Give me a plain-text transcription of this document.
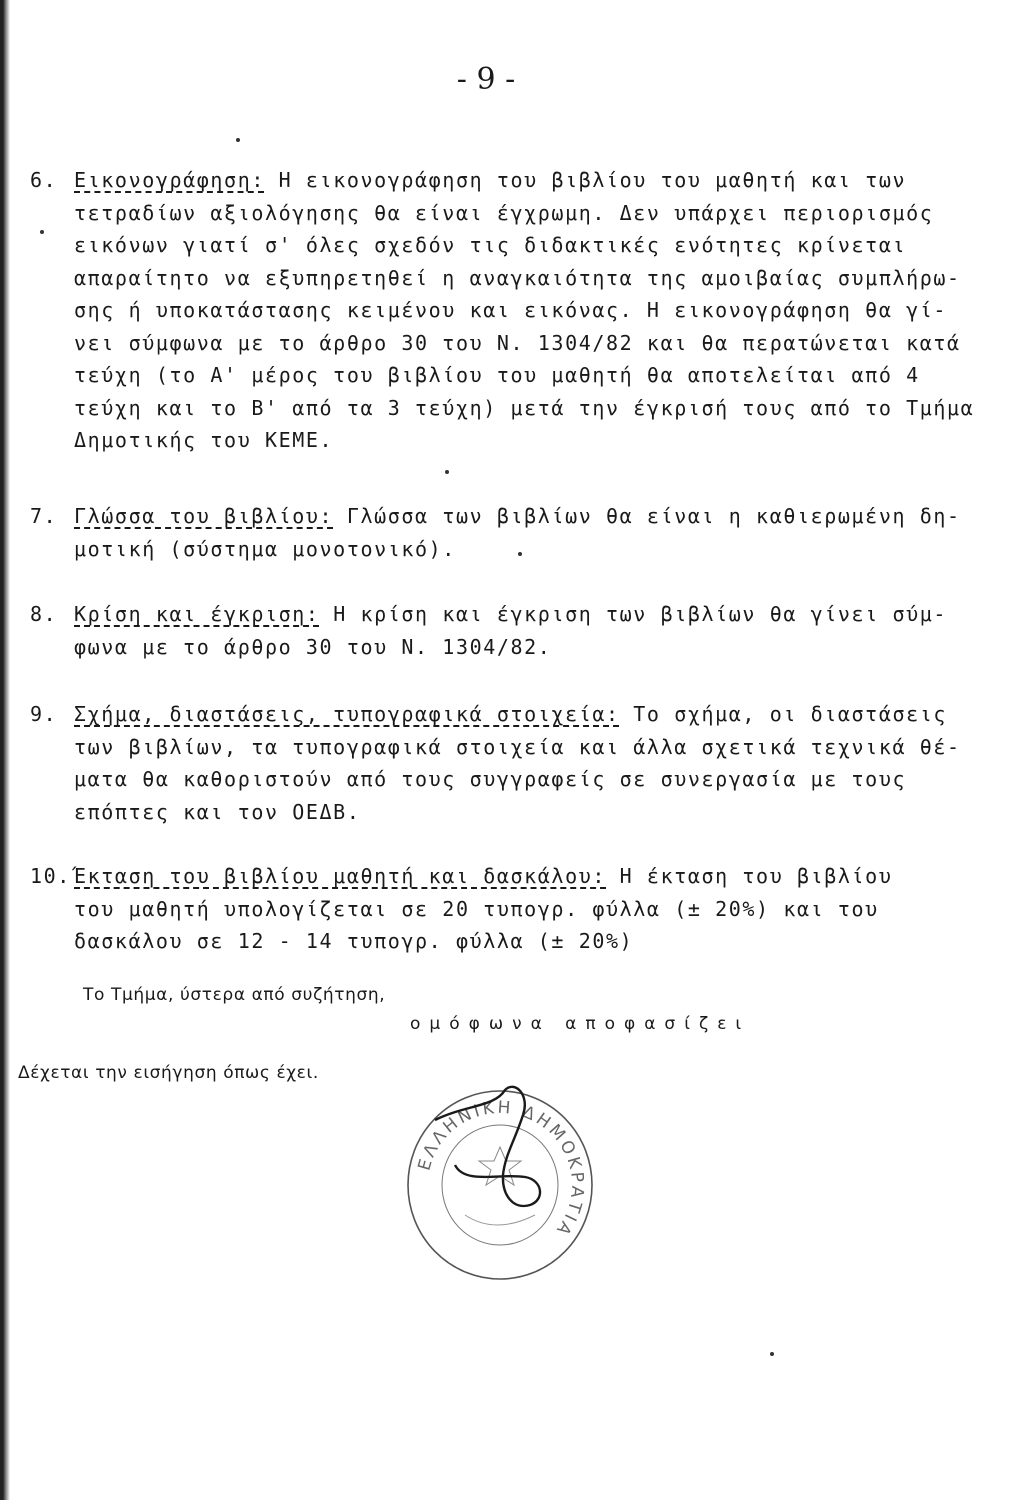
- 9 -
6. Εικονογράφηση: Η εικονογράφηση του βιβλίου του μαθητή και των
τετραδίων αξιολόγησης θα είναι έγχρωμη. Δεν υπάρχει περιορισμός
εικόνων γιατί σ' όλες σχεδόν τις διδακτικές ενότητες κρίνεται
απαραίτητο να εξυπηρετηθεί η αναγκαιότητα της αμοιβαίας συμπλήρω-
σης ή υποκατάστασης κειμένου και εικόνας. Η εικονογράφηση θα γί-
νει σύμφωνα με το άρθρο 30 του Ν. 1304/82 και θα περατώνεται κατά
τεύχη (το Α' μέρος του βιβλίου του μαθητή θα αποτελείται από 4
τεύχη και το Β' από τα 3 τεύχη) μετά την έγκρισή τους από το Τμήμα
Δημοτικής του ΚΕΜΕ.
7. Γλώσσα του βιβλίου: Γλώσσα των βιβλίων θα είναι η καθιερωμένη δη-
μοτική (σύστημα μονοτονικό).
8. Κρίση και έγκριση: Η κρίση και έγκριση των βιβλίων θα γίνει σύμ-
φωνα με το άρθρο 30 του Ν. 1304/82.
9. Σχήμα, διαστάσεις, τυπογραφικά στοιχεία: Το σχήμα, οι διαστάσεις
των βιβλίων, τα τυπογραφικά στοιχεία και άλλα σχετικά τεχνικά θέ-
ματα θα καθοριστούν από τους συγγραφείς σε συνεργασία με τους
επόπτες και τον ΟΕΔΒ.
10. Έκταση του βιβλίου μαθητή και δασκάλου: Η έκταση του βιβλίου
του μαθητή υπολογίζεται σε 20 τυπογρ. φύλλα (± 20%) και του
δασκάλου σε 12 - 14 τυπογρ. φύλλα (± 20%)
Το Τμήμα, ύστερα από συζήτηση,
ομόφωνα αποφασίζει
Δέχεται την εισήγηση όπως έχει.
ΕΛΛΗΝΙΚΗ ΔΗΜΟΚΡΑΤΙΑ
